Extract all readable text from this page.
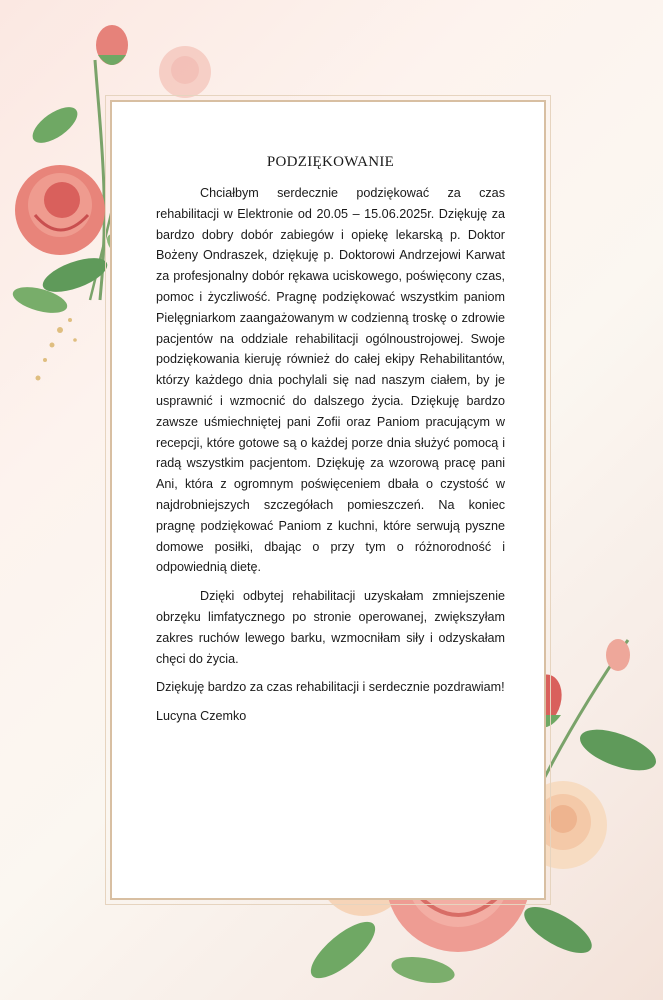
PODZIĘKOWANIE

Chciałbym serdecznie podziękować za czas rehabilitacji w Elektronie od 20.05 – 15.06.2025r. Dziękuję za bardzo dobry dobór zabiegów i opiekę lekarską p. Doktor Bożeny Ondraszek, dziękuję p. Doktorowi Andrzejowi Karwat za profesjonalny dobór rękawa uciskowego, poświęcony czas, pomoc i życzliwość. Pragnę podziękować wszystkim paniom Pielęgniarkom zaangażowanym w codzienną troskę o zdrowie pacjentów na oddziale rehabilitacji ogólnoustrojowej. Swoje podziękowania kieruję również do całej ekipy Rehabilitantów, którzy każdego dnia pochylali się nad naszym ciałem, by je usprawnić i wzmocnić do dalszego życia. Dziękuję bardzo zawsze uśmiechniętej pani Zofii oraz Paniom pracującym w recepcji, które gotowe są o każdej porze dnia służyć pomocą i radą wszystkim pacjentom. Dziękuję za wzorową pracę pani Ani, która z ogromnym poświęceniem dbała o czystość w najdrobniejszych szczegółach pomieszczeń. Na koniec pragnę podziękować Paniom z kuchni, które serwują pyszne domowe posiłki, dbając o przy tym o różnorodność i odpowiednią dietę.

Dzięki odbytej rehabilitacji uzyskałam zmniejszenie obrzęku limfatycznego po stronie operowanej, zwiększyłam zakres ruchów lewego barku, wzmocniłam siły i odzyskałam chęci do życia.

Dziękuję bardzo za czas rehabilitacji i serdecznie pozdrawiam!

Lucyna Czemko
